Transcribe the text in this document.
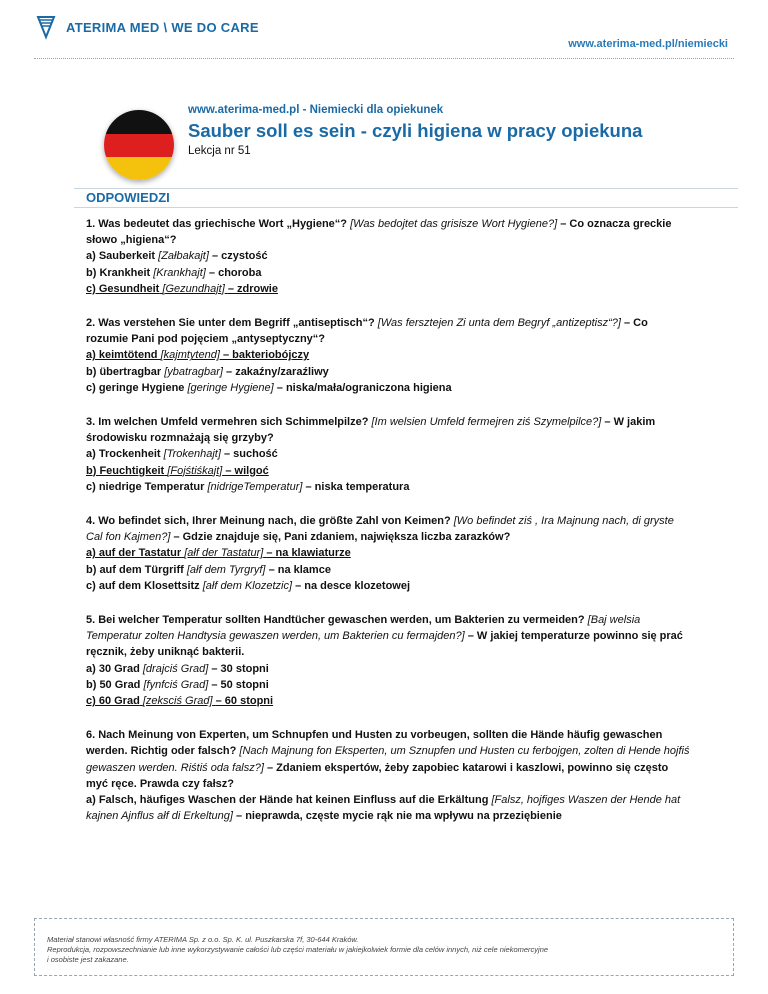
ATERIMA MED \ WE DO CARE
www.aterima-med.pl/niemiecki
www.aterima-med.pl - Niemiecki dla opiekunek
Sauber soll es sein - czyli higiena w pracy opiekuna
Lekcja nr 51
ODPOWIEDZI

1. Was bedeutet das griechische Wort „Hygiene“? [Was bedojtet das grisisze Wort Hygiene?] – Co oznacza greckie słowo „higiena“?

a) Sauberkeit [Załbakajt] – czystość

b) Krankheit [Krankhajt] – choroba

c) Gesundheit [Gezundhajt] – zdrowie

2. Was verstehen Sie unter dem Begriff „antiseptisch“? [Was fersztejen Zi unta dem Begryf „antizeptisz“?] – Co rozumie Pani pod pojęciem „antyseptyczny“?

a) keimtötend [kajmtytend] – bakteriobójczy

b) übertragbar [ybatragbar] – zakaźny/zaraźliwy

c) geringe Hygiene [geringe Hygiene] – niska/mała/ograniczona higiena

3. Im welchen Umfeld vermehren sich Schimmelpilze? [Im welsien Umfeld fermejren ziś Szymelpilce?] – W jakim środowisku rozmnażają się grzyby?

a) Trockenheit [Trokenhajt] – suchość

b) Feuchtigkeit [Fojśtiśkajt] – wilgoć

c) niedrige Temperatur [nidrigeTemperatur] – niska temperatura

4. Wo befindet sich, Ihrer Meinung nach, die größte Zahl von Keimen? [Wo befindet ziś , Ira Majnung nach, di gryste Cal fon Kajmen?] – Gdzie znajduje się, Pani zdaniem, największa liczba zarazków?

a) auf der Tastatur [ałf der Tastatur] – na klawiaturze

b) auf dem Türgriff [ałf dem Tyrgryf] – na klamce

c) auf dem Klosettsitz [ałf dem Klozetzic] – na desce klozetowej

5. Bei welcher Temperatur sollten Handtücher gewaschen werden, um Bakterien zu vermeiden? [Baj welsia Temperatur zolten Handtysia gewaszen werden, um Bakterien cu fermajden?] – W jakiej temperaturze powinno się prać ręcznik, żeby uniknąć bakterii.

a) 30 Grad [drajciś Grad] – 30 stopni

b) 50 Grad [fynfciś Grad] – 50 stopni

c) 60 Grad [zeksciś Grad] – 60 stopni

6. Nach Meinung von Experten, um Schnupfen und Husten zu vorbeugen, sollten die Hände häufig gewaschen werden. Richtig oder falsch? [Nach Majnung fon Eksperten, um Sznupfen und Husten cu ferbojgen, zolten di Hende hojfiś gewaszen werden. Riśtiś oda falsz?] – Zdaniem ekspertów, żeby zapobiec katarowi i kaszlowi, powinno się często myć ręce. Prawda czy fałsz?

a) Falsch, häufiges Waschen der Hände hat keinen Einfluss auf die Erkältung [Falsz, hojfiges Waszen der Hende hat kajnen Ajnflus ałf di Erkeltung] – nieprawda, częste mycie rąk nie ma wpływu na przeziębienie

Materiał stanowi własność firmy ATERIMA Sp. z o.o. Sp. K. ul. Puszkarska 7f, 30-644 Kraków.
Reprodukcja, rozpowszechnianie lub inne wykorzystywanie całości lub części materiału w jakiejkolwiek formie dla celów innych, niż cele niekomercyjne
i osobiste jest zakazane.
